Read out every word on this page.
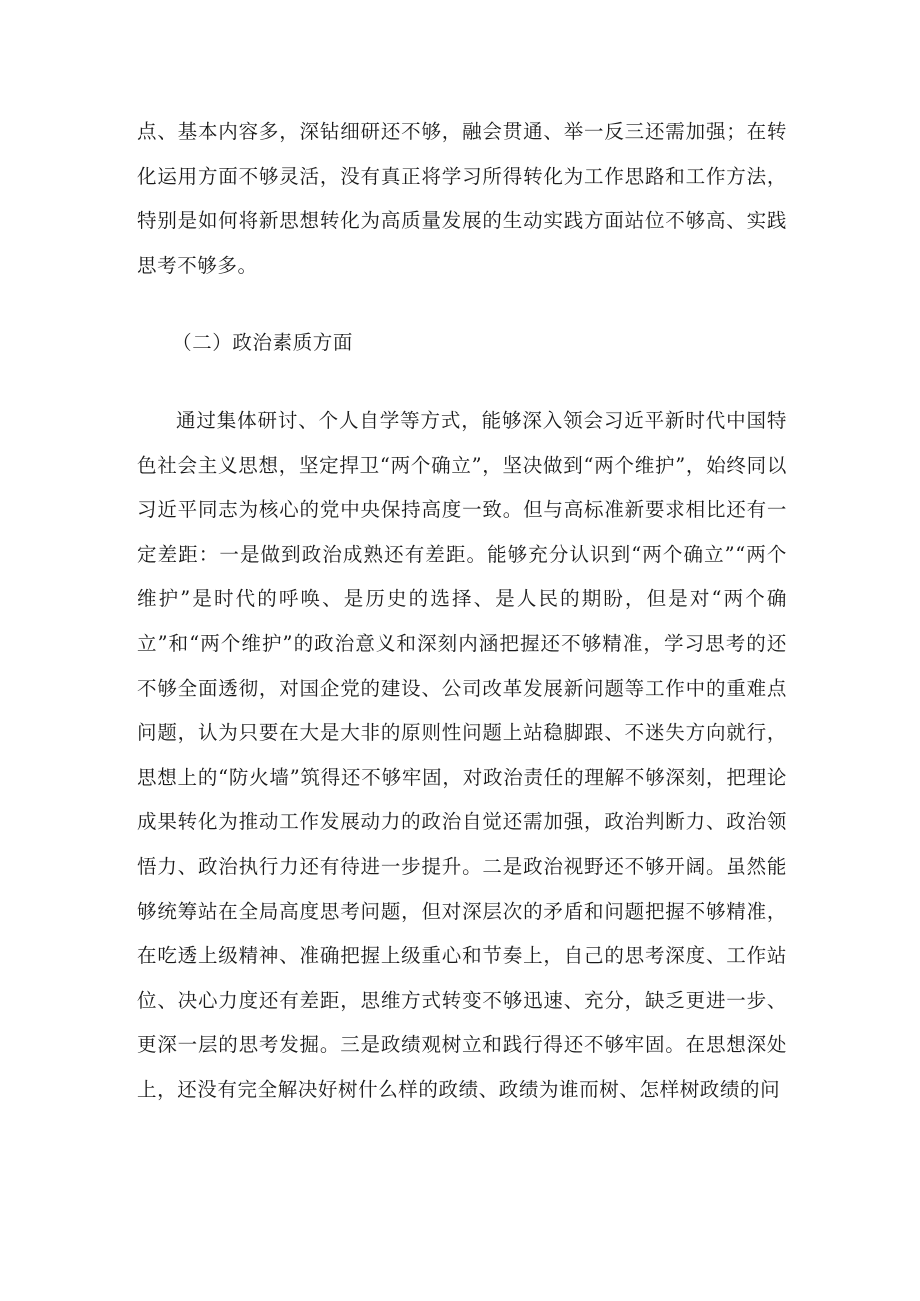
点、基本内容多，深钻细研还不够，融会贯通、举一反三还需加强；在转化运用方面不够灵活，没有真正将学习所得转化为工作思路和工作方法，特别是如何将新思想转化为高质量发展的生动实践方面站位不够高、实践思考不够多。

（二）政治素质方面

通过集体研讨、个人自学等方式，能够深入领会习近平新时代中国特色社会主义思想，坚定捍卫“两个确立”，坚决做到“两个维护”，始终同以习近平同志为核心的党中央保持高度一致。但与高标准新要求相比还有一定差距：一是做到政治成熟还有差距。能够充分认识到“两个确立”“两个维护”是时代的呼唤、是历史的选择、是人民的期盼，但是对“两个确立”和“两个维护”的政治意义和深刻内涵把握还不够精准，学习思考的还不够全面透彻，对国企党的建设、公司改革发展新问题等工作中的重难点问题，认为只要在大是大非的原则性问题上站稳脚跟、不迷失方向就行，思想上的“防火墙”筑得还不够牢固，对政治责任的理解不够深刻，把理论成果转化为推动工作发展动力的政治自觉还需加强，政治判断力、政治领悟力、政治执行力还有待进一步提升。二是政治视野还不够开阔。虽然能够统筹站在全局高度思考问题，但对深层次的矛盾和问题把握不够精准，在吃透上级精神、准确把握上级重心和节奏上，自己的思考深度、工作站位、决心力度还有差距，思维方式转变不够迅速、充分，缺乏更进一步、更深一层的思考发掘。三是政绩观树立和践行得还不够牢固。在思想深处上，还没有完全解决好树什么样的政绩、政绩为谁而树、怎样树政绩的问
